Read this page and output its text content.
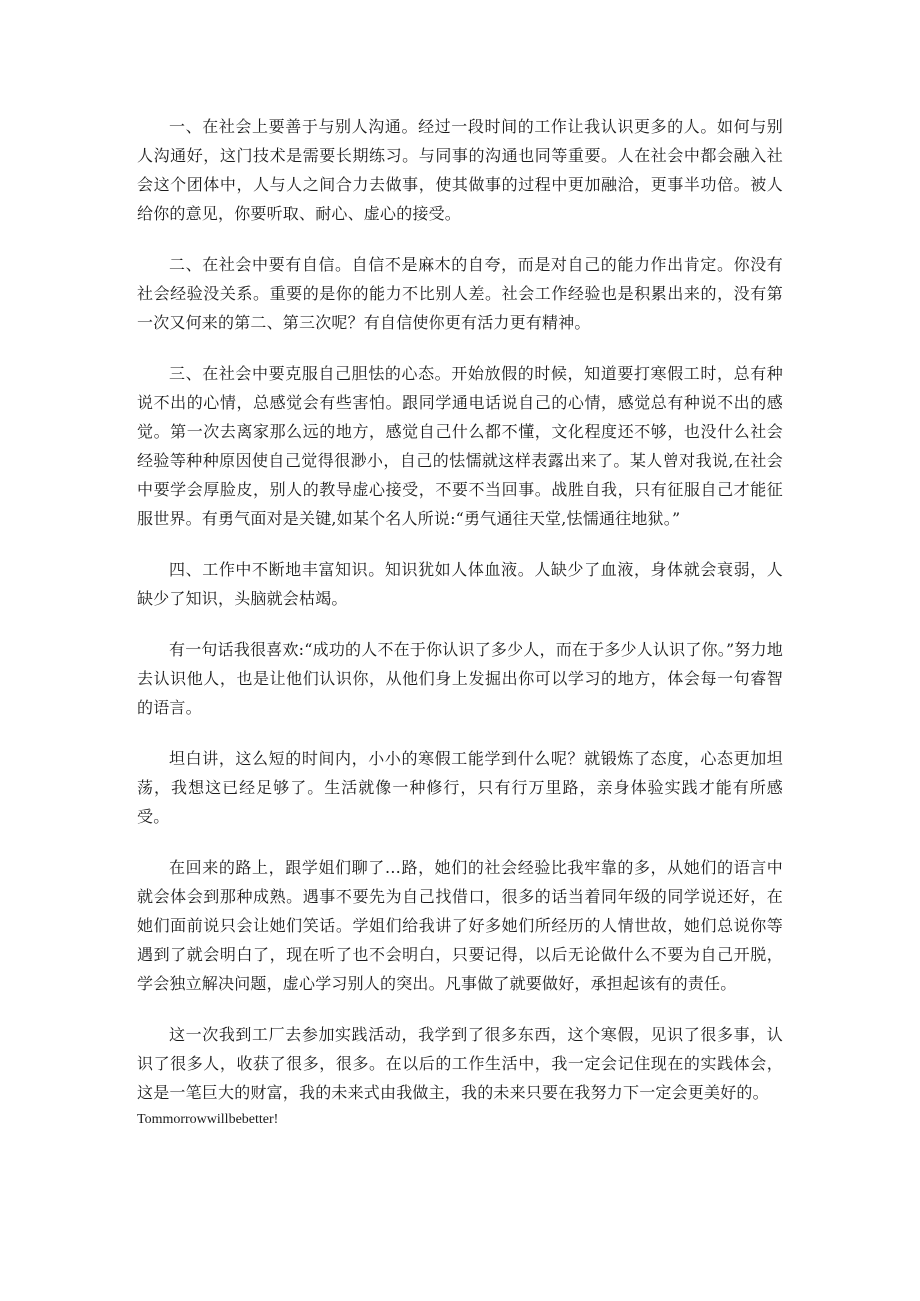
一、在社会上要善于与别人沟通。经过一段时间的工作让我认识更多的人。如何与别人沟通好，这门技术是需要长期练习。与同事的沟通也同等重要。人在社会中都会融入社会这个团体中，人与人之间合力去做事，使其做事的过程中更加融洽，更事半功倍。被人给你的意见，你要听取、耐心、虚心的接受。

二、在社会中要有自信。自信不是麻木的自夸，而是对自己的能力作出肯定。你没有社会经验没关系。重要的是你的能力不比别人差。社会工作经验也是积累出来的，没有第一次又何来的第二、第三次呢？有自信使你更有活力更有精神。

三、在社会中要克服自己胆怯的心态。开始放假的时候，知道要打寒假工时，总有种说不出的心情，总感觉会有些害怕。跟同学通电话说自己的心情，感觉总有种说不出的感觉。第一次去离家那么远的地方，感觉自己什么都不懂，文化程度还不够，也没什么社会经验等种种原因使自己觉得很渺小，自己的怯懦就这样表露出来了。某人曾对我说,在社会中要学会厚脸皮，别人的教导虚心接受，不要不当回事。战胜自我，只有征服自己才能征服世界。有勇气面对是关键,如某个名人所说:“勇气通往天堂,怯懦通往地狱。”

四、工作中不断地丰富知识。知识犹如人体血液。人缺少了血液，身体就会衰弱，人缺少了知识，头脑就会枯竭。

有一句话我很喜欢:“成功的人不在于你认识了多少人，而在于多少人认识了你。”努力地去认识他人，也是让他们认识你，从他们身上发掘出你可以学习的地方，体会每一句睿智的语言。

坦白讲，这么短的时间内，小小的寒假工能学到什么呢？就锻炼了态度，心态更加坦荡，我想这已经足够了。生活就像一种修行，只有行万里路，亲身体验实践才能有所感受。

在回来的路上，跟学姐们聊了…路，她们的社会经验比我牢靠的多，从她们的语言中就会体会到那种成熟。遇事不要先为自己找借口，很多的话当着同年级的同学说还好，在她们面前说只会让她们笑话。学姐们给我讲了好多她们所经历的人情世故，她们总说你等遇到了就会明白了，现在听了也不会明白，只要记得，以后无论做什么不要为自己开脱，学会独立解决问题，虚心学习别人的突出。凡事做了就要做好，承担起该有的责任。

这一次我到工厂去参加实践活动，我学到了很多东西，这个寒假，见识了很多事，认识了很多人，收获了很多，很多。在以后的工作生活中，我一定会记住现在的实践体会，这是一笔巨大的财富，我的未来式由我做主，我的未来只要在我努力下一定会更美好的。

Tommorrowwillbebetter!
